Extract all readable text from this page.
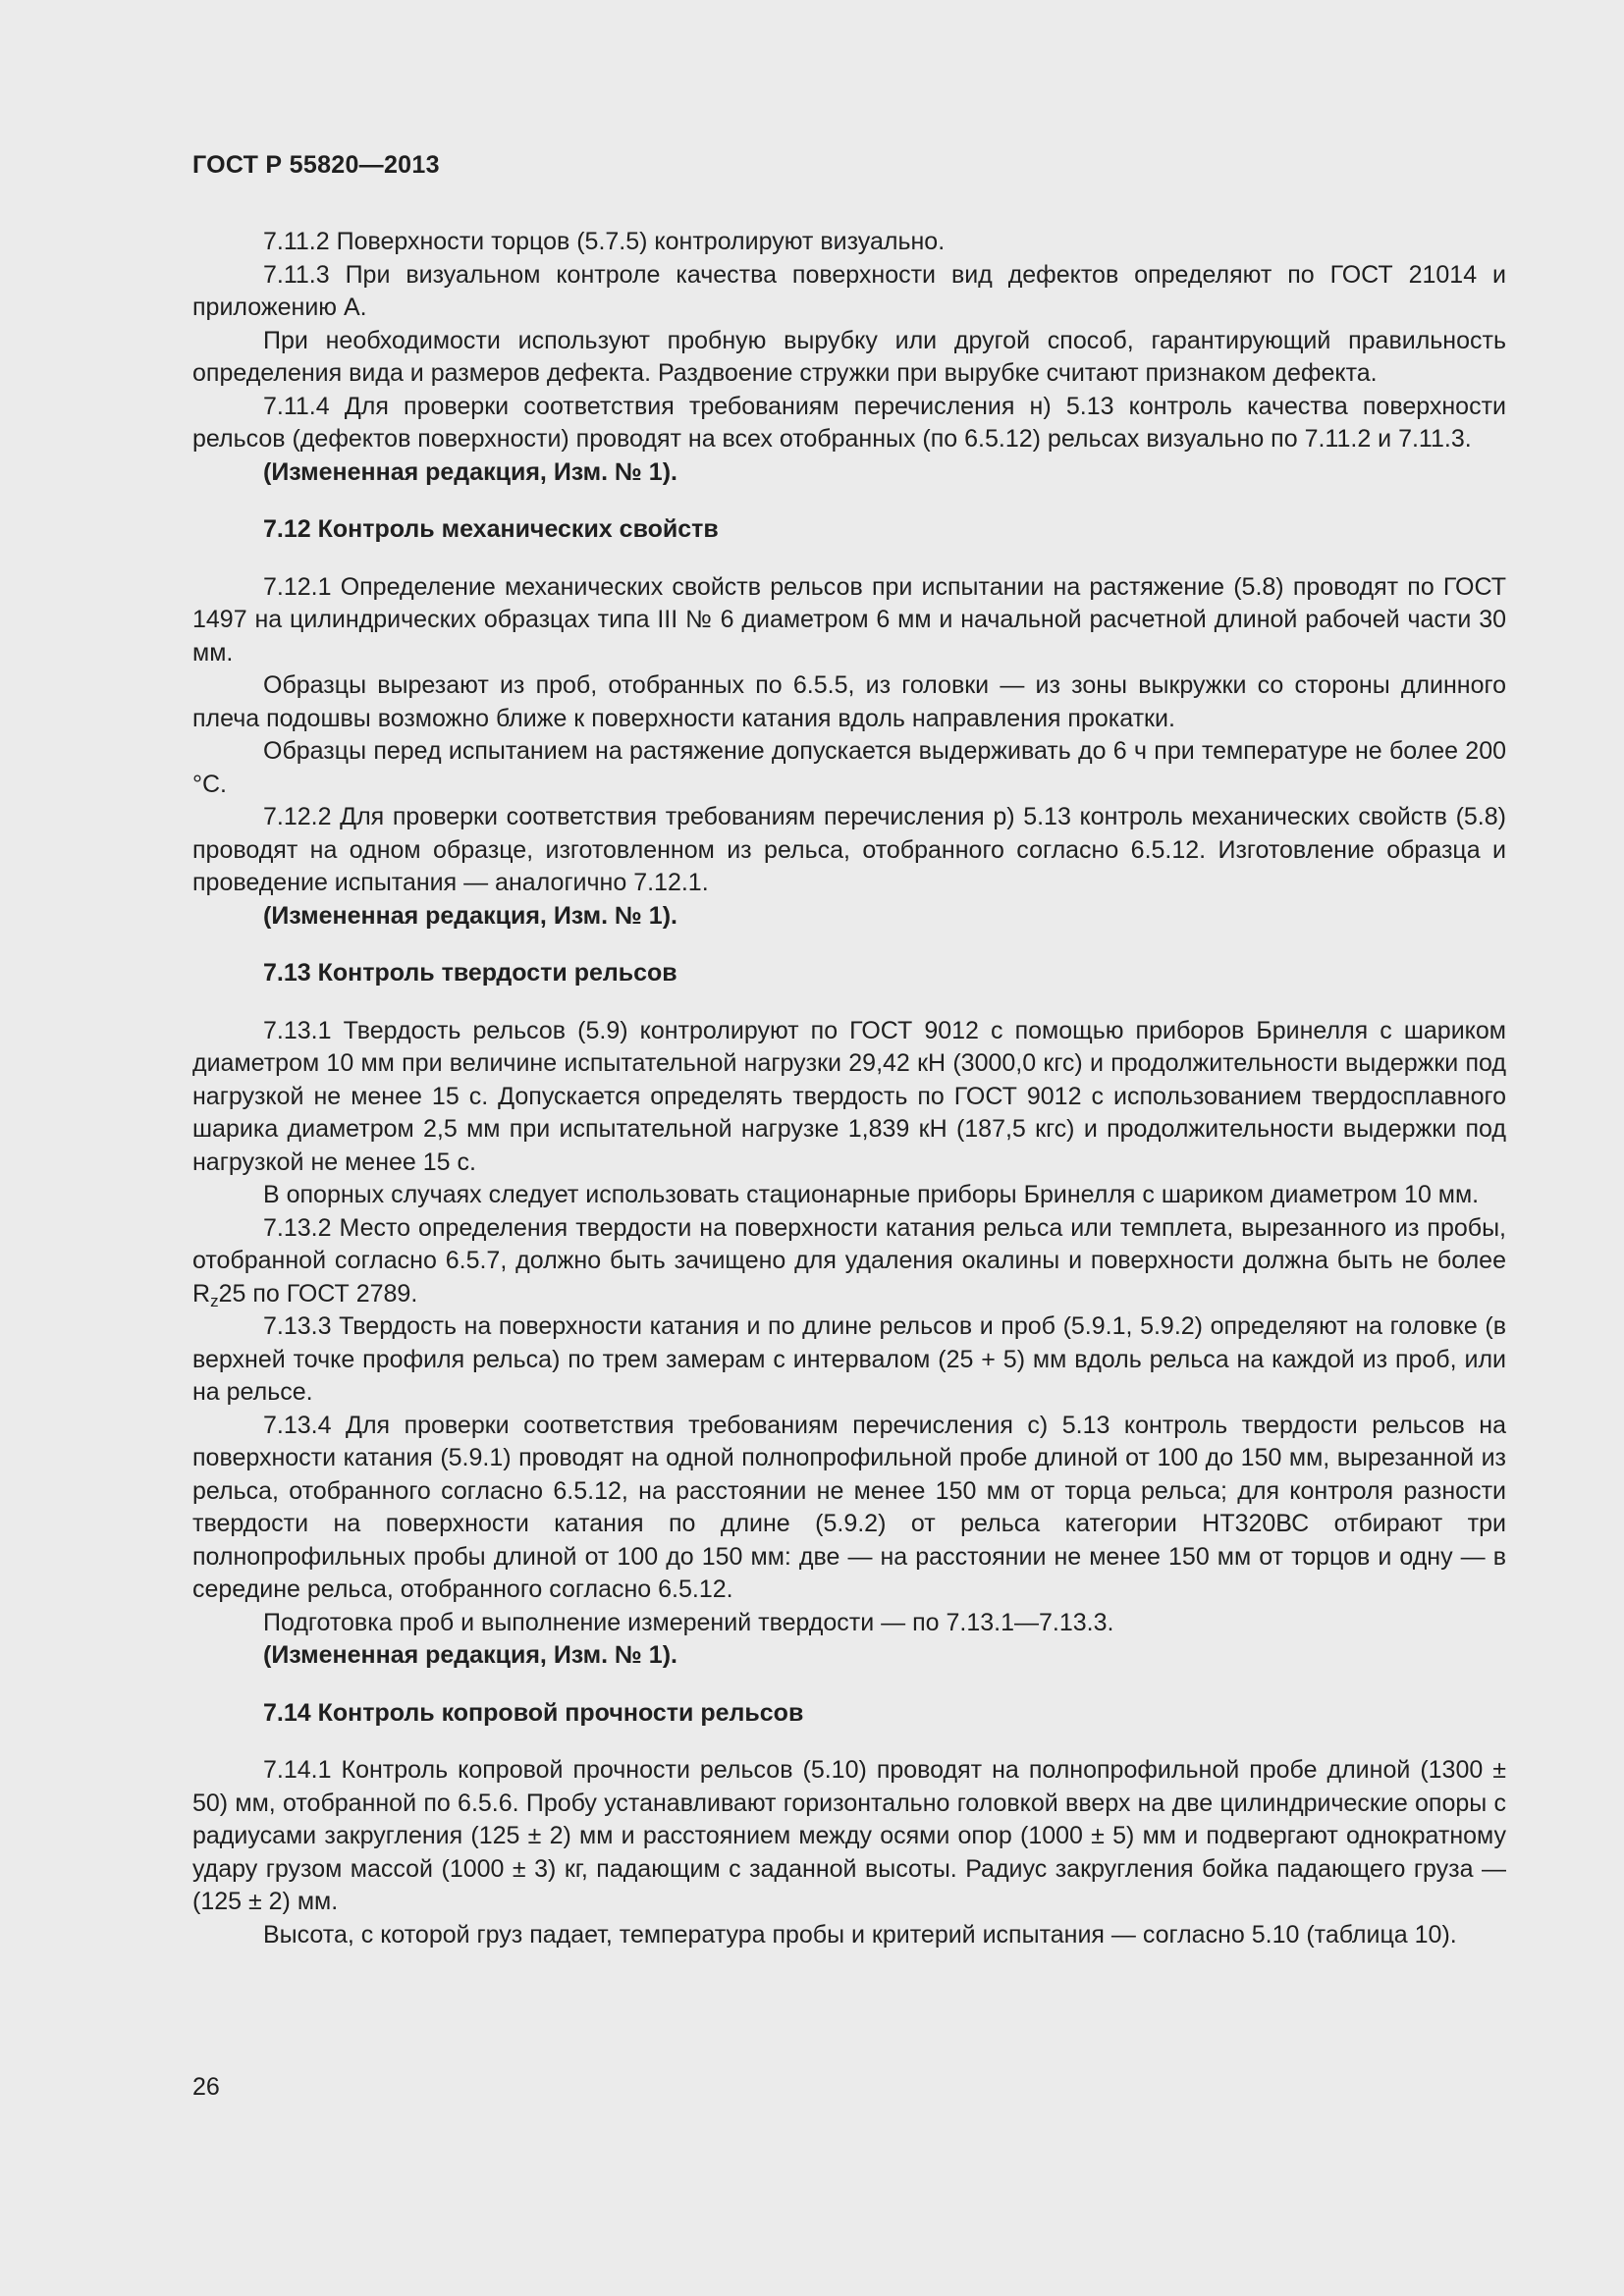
ГОСТ Р 55820—2013

7.11.2 Поверхности торцов (5.7.5) контролируют визуально.

7.11.3 При визуальном контроле качества поверхности вид дефектов определяют по ГОСТ 21014 и приложению А.

При необходимости используют пробную вырубку или другой способ, гарантирующий правильность определения вида и размеров дефекта. Раздвоение стружки при вырубке считают признаком дефекта.

7.11.4 Для проверки соответствия требованиям перечисления н) 5.13 контроль качества поверхности рельсов (дефектов поверхности) проводят на всех отобранных (по 6.5.12) рельсах визуально по 7.11.2 и 7.11.3.

(Измененная редакция, Изм. № 1).

7.12 Контроль механических свойств

7.12.1 Определение механических свойств рельсов при испытании на растяжение (5.8) проводят по ГОСТ 1497 на цилиндрических образцах типа III № 6 диаметром 6 мм и начальной расчетной длиной рабочей части 30 мм.

Образцы вырезают из проб, отобранных по 6.5.5, из головки — из зоны выкружки со стороны длинного плеча подошвы возможно ближе к поверхности катания вдоль направления прокатки.

Образцы перед испытанием на растяжение допускается выдерживать до 6 ч при температуре не более 200 °С.

7.12.2 Для проверки соответствия требованиям перечисления р) 5.13 контроль механических свойств (5.8) проводят на одном образце, изготовленном из рельса, отобранного согласно 6.5.12. Изготовление образца и проведение испытания — аналогично 7.12.1.

(Измененная редакция, Изм. № 1).

7.13 Контроль твердости рельсов

7.13.1 Твердость рельсов (5.9) контролируют по ГОСТ 9012 с помощью приборов Бринелля с шариком диаметром 10 мм при величине испытательной нагрузки 29,42 кН (3000,0 кгс) и продолжительности выдержки под нагрузкой не менее 15 с. Допускается определять твердость по ГОСТ 9012 с использованием твердосплавного шарика диаметром 2,5 мм при испытательной нагрузке 1,839 кН (187,5 кгс) и продолжительности выдержки под нагрузкой не менее 15 с.

В опорных случаях следует использовать стационарные приборы Бринелля с шариком диаметром 10 мм.

7.13.2 Место определения твердости на поверхности катания рельса или темплета, вырезанного из пробы, отобранной согласно 6.5.7, должно быть зачищено для удаления окалины и поверхности должна быть не более $R_z25$ по ГОСТ 2789.

7.13.3 Твердость на поверхности катания и по длине рельсов и проб (5.9.1, 5.9.2) определяют на головке (в верхней точке профиля рельса) по трем замерам с интервалом (25 + 5) мм вдоль рельса на каждой из проб, или на рельсе.

7.13.4 Для проверки соответствия требованиям перечисления с) 5.13 контроль твердости рельсов на поверхности катания (5.9.1) проводят на одной полнопрофильной пробе длиной от 100 до 150 мм, вырезанной из рельса, отобранного согласно 6.5.12, на расстоянии не менее 150 мм от торца рельса; для контроля разности твердости на поверхности катания по длине (5.9.2) от рельса категории НТ320ВС отбирают три полнопрофильных пробы длиной от 100 до 150 мм: две — на расстоянии не менее 150 мм от торцов и одну — в середине рельса, отобранного согласно 6.5.12.

Подготовка проб и выполнение измерений твердости — по 7.13.1—7.13.3.

(Измененная редакция, Изм. № 1).

7.14 Контроль копровой прочности рельсов

7.14.1 Контроль копровой прочности рельсов (5.10) проводят на полнопрофильной пробе длиной (1300 ± 50) мм, отобранной по 6.5.6. Пробу устанавливают горизонтально головкой вверх на две цилиндрические опоры с радиусами закругления (125 ± 2) мм и расстоянием между осями опор (1000 ± 5) мм и подвергают однократному удару грузом массой (1000 ± 3) кг, падающим с заданной высоты. Радиус закругления бойка падающего груза — (125 ± 2) мм.

Высота, с которой груз падает, температура пробы и критерий испытания — согласно 5.10 (таблица 10).

26
